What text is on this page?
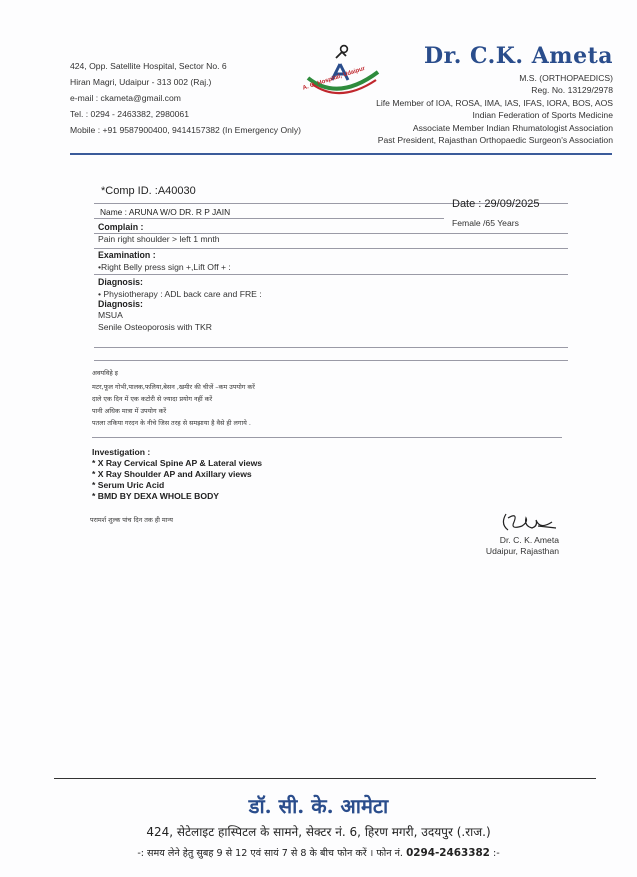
424, Opp. Satellite Hospital, Sector No. 6
Hiran Magri, Udaipur - 313 002 (Raj.)
e-mail : ckameta@gmail.com
Tel. : 0294 - 2463382, 2980061
Mobile : +91 9587900400, 9414157382 (In Emergency Only)
A. O. Hospital, Udaipur
Dr. C.K. Ameta
M.S. (ORTHOPAEDICS)
Reg. No. 13129/2978
Life Member of IOA, ROSA, IMA, IAS, IFAS, IORA, BOS, AOS
Indian Federation of Sports Medicine
Associate Member Indian Rhumatologist Association
Past President, Rajasthan Orthopaedic Surgeon's Association
*Comp ID. :A40030
Date : 29/09/2025
Name : ARUNA W/O DR. R P JAIN
Female /65 Years
Complain :
Pain right shoulder > left 1 mnth
Examination :
•Right Belly press sign +,Lift Off + :
Diagnosis:
• Physiotherapy : ADL back care and FRE :
Diagnosis:
MSUA
Senile Osteoporosis with TKR
अवयविहे इ
मटर,फूल गोभी,पालक,फलिया,बेसन ,खमीर की चीजें –कम उपयोग करें
दाले एक दिन में एक कटोरी से ज्यादा प्रयोग नहीं करें
पानी अधिक मात्रा में उपयोग करें
पतला तकिया गरदन के नीचे जिस तरह से समझाया है वैसे ही लगाये .
Investigation :
* X Ray Cervical Spine AP & Lateral views
* X Ray Shoulder AP and Axillary views
* Serum Uric Acid
* BMD BY DEXA WHOLE BODY
परामर्श शुल्क पांच दिन तक ही मान्य
Dr. C. K. Ameta
Udaipur, Rajasthan
डॉ. सी. के. आमेटा
424, सेटेलाइट हास्पिटल के सामने, सेक्टर नं. 6, हिरण मगरी, उदयपुर (.राज.)
-: समय लेने हेतु सुबह 9 से 12 एवं सायं 7 से 8 के बीच फोन करें । फोन नं. 0294-2463382 :-
